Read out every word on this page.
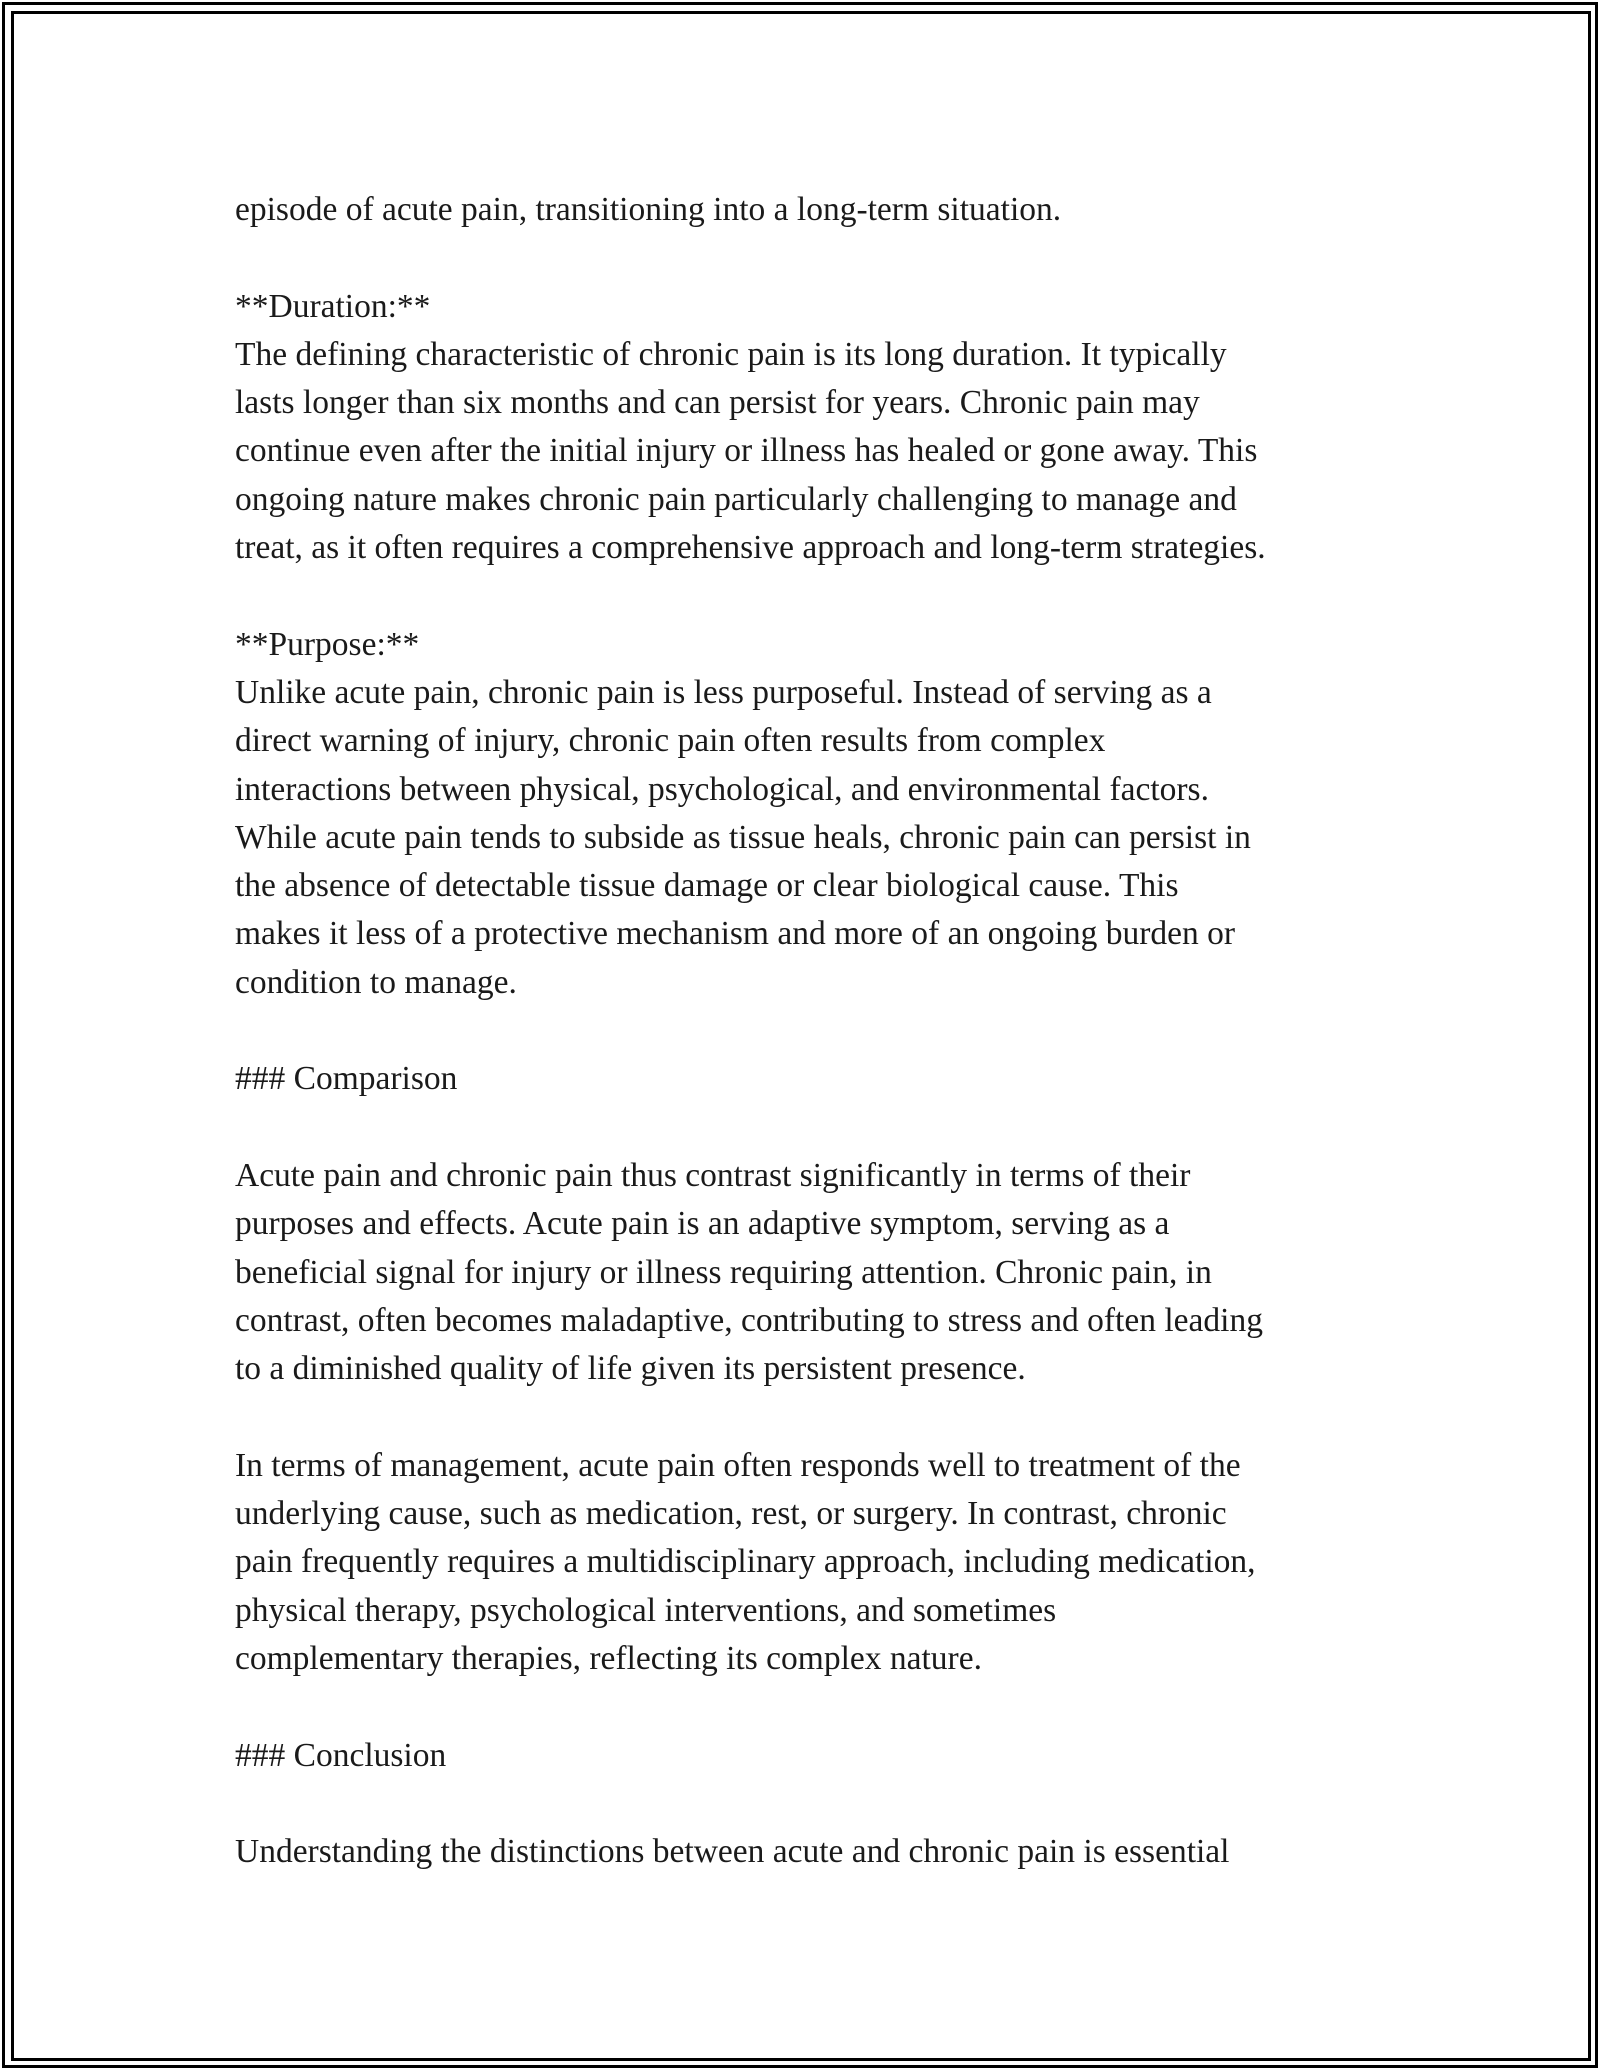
episode of acute pain, transitioning into a long-term situation.

**Duration:**

The defining characteristic of chronic pain is its long duration. It typically

lasts longer than six months and can persist for years. Chronic pain may

continue even after the initial injury or illness has healed or gone away. This

ongoing nature makes chronic pain particularly challenging to manage and

treat, as it often requires a comprehensive approach and long-term strategies.

**Purpose:**

Unlike acute pain, chronic pain is less purposeful. Instead of serving as a

direct warning of injury, chronic pain often results from complex

interactions between physical, psychological, and environmental factors.

While acute pain tends to subside as tissue heals, chronic pain can persist in

the absence of detectable tissue damage or clear biological cause. This

makes it less of a protective mechanism and more of an ongoing burden or

condition to manage.

### Comparison

Acute pain and chronic pain thus contrast significantly in terms of their

purposes and effects. Acute pain is an adaptive symptom, serving as a

beneficial signal for injury or illness requiring attention. Chronic pain, in

contrast, often becomes maladaptive, contributing to stress and often leading

to a diminished quality of life given its persistent presence.

In terms of management, acute pain often responds well to treatment of the

underlying cause, such as medication, rest, or surgery. In contrast, chronic

pain frequently requires a multidisciplinary approach, including medication,

physical therapy, psychological interventions, and sometimes

complementary therapies, reflecting its complex nature.

### Conclusion

Understanding the distinctions between acute and chronic pain is essential
